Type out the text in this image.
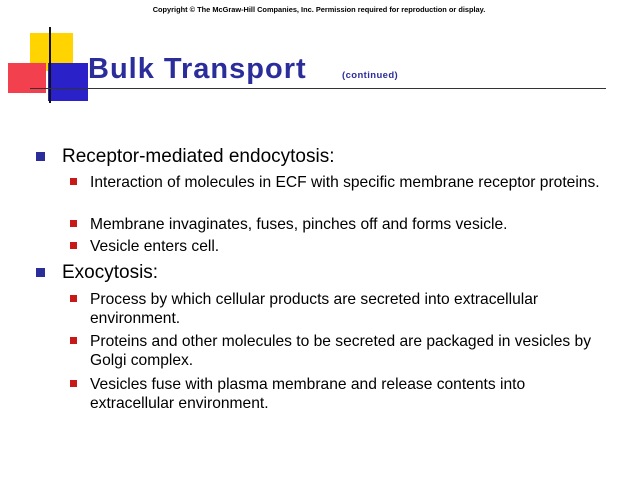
Copyright © The McGraw-Hill Companies, Inc. Permission required for reproduction or display.
Bulk Transport	(continued)
Receptor-mediated endocytosis:
Interaction of molecules in ECF with specific membrane receptor proteins.
Membrane invaginates, fuses, pinches off and forms vesicle.
Vesicle enters cell.
Exocytosis:
Process by which cellular products are secreted into extracellular environment.
Proteins and other molecules to be secreted are packaged in vesicles by Golgi complex.
Vesicles fuse with plasma membrane and release contents into extracellular environment.
